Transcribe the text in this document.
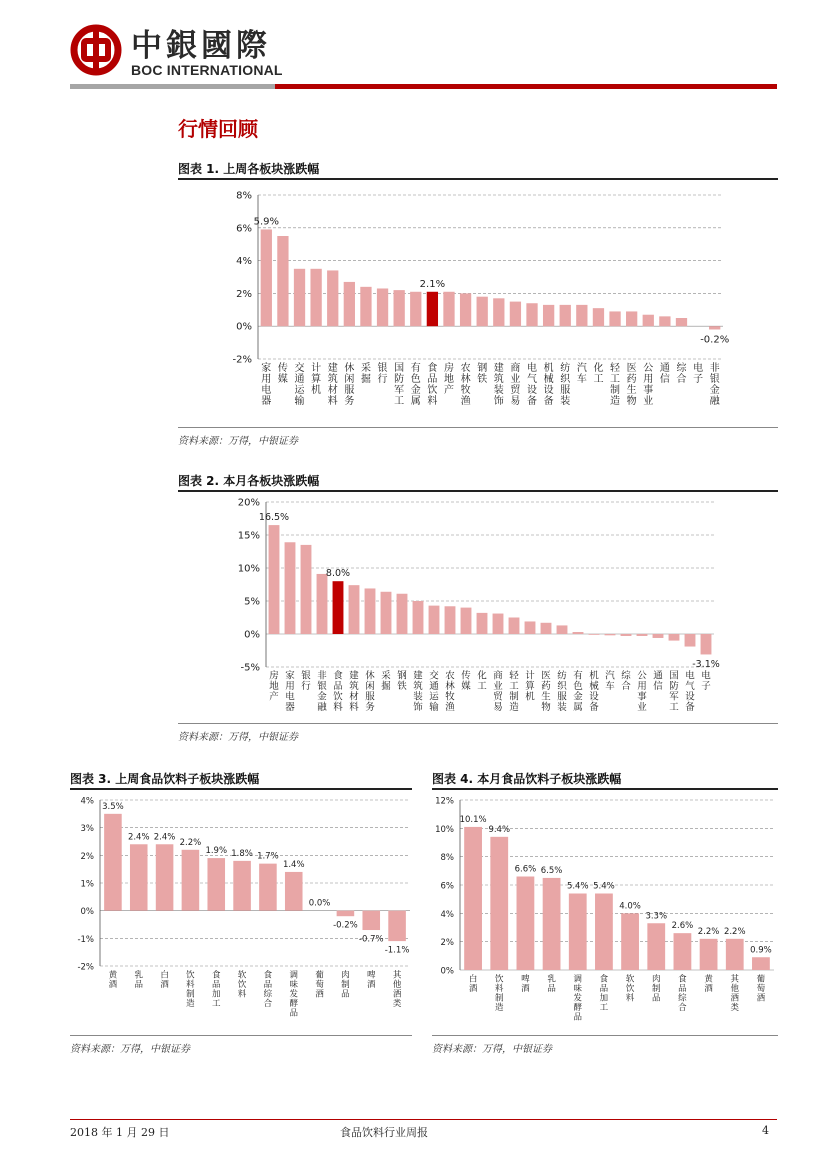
中銀國際
BOC INTERNATIONAL
行情回顾
图表 1. 上周各板块涨跌幅
-2%
0%
2%
4%
6%
8%
5.9%
家用电器
传媒
交通运输
计算机
建筑材料
休闲服务
采掘
银行
国防军工
有色金属
2.1%
食品饮料
房地产
农林牧渔
钢铁
建筑装饰
商业贸易
电气设备
机械设备
纺织服装
汽车
化工
轻工制造
医药生物
公用事业
通信
综合
电子
-0.2%
非银金融
资料来源：万得，中银证券
图表 2. 本月各板块涨跌幅
-5%
0%
5%
10%
15%
20%
16.5%
房地产
家用电器
银行
非银金融
8.0%
食品饮料
建筑材料
休闲服务
采掘
钢铁
建筑装饰
交通运输
农林牧渔
传媒
化工
商业贸易
轻工制造
计算机
医药生物
纺织服装
有色金属
机械设备
汽车
综合
公用事业
通信
国防军工
电气设备
-3.1%
电子
资料来源：万得，中银证券
图表 3. 上周食品饮料子板块涨跌幅
-2%
-1%
0%
1%
2%
3%
4%
3.5%
黄酒
2.4%
乳品
2.4%
白酒
2.2%
饮料制造
1.9%
食品加工
1.8%
软饮料
1.7%
食品综合
1.4%
调味发酵品
0.0%
葡萄酒
-0.2%
肉制品
-0.7%
啤酒
-1.1%
其他酒类
资料来源：万得，中银证券
图表 4. 本月食品饮料子板块涨跌幅
0%
2%
4%
6%
8%
10%
12%
10.1%
白酒
9.4%
饮料制造
6.6%
啤酒
6.5%
乳品
5.4%
调味发酵品
5.4%
食品加工
4.0%
软饮料
3.3%
肉制品
2.6%
食品综合
2.2%
黄酒
2.2%
其他酒类
0.9%
葡萄酒
资料来源：万得，中银证券
2018 年 1 月 29 日	食品饮料行业周报	4
